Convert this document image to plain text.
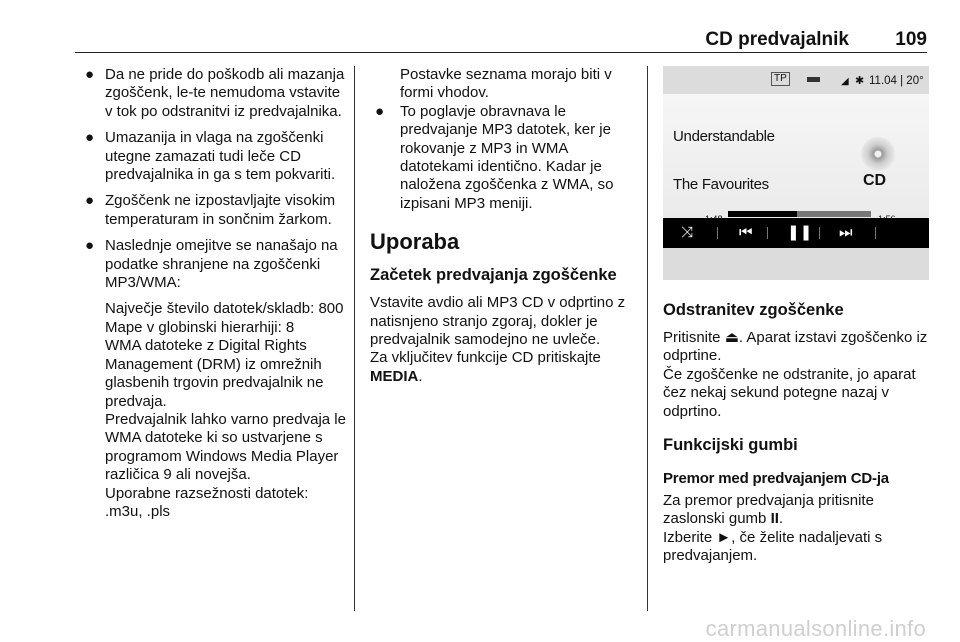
CD predvajalnik 109
● Da ne pride do poškodb ali mazanja zgoščenk, le-te nemudoma vstavite v tok po odstranitvi iz predvajalnika.

● Umazanija in vlaga na zgoščenki utegne zamazati tudi leče CD predvajalnika in ga s tem pokvariti.

● Zgoščenk ne izpostavljajte visokim temperaturam in sončnim žarkom.

● Naslednje omejitve se nanašajo na podatke shranjene na zgoščenki MP3/WMA:

Največje število datotek/skladb: 800

Mape v globinski hierarhiji: 8

WMA datoteke z Digital Rights Management (DRM) iz omrežnih glasbenih trgovin predvajalnik ne predvaja.

Predvajalnik lahko varno predvaja le WMA datoteke ki so ustvarjene s programom Windows Media Player različica 9 ali novejša.

Uporabne razsežnosti datotek: .m3u, .pls

Postavke seznama morajo biti v formi vhodov.

● To poglavje obravnava le predvajanje MP3 datotek, ker je rokovanje z MP3 in WMA datotekami identično. Kadar je naložena zgoščenka z WMA, so izpisani MP3 meniji.

Uporaba
Začetek predvajanja zgoščenke

Vstavite avdio ali MP3 CD v odprtino z natisnjeno stranjo zgoraj, dokler je predvajalnik samodejno ne uvleče.

Za vključitev funkcije CD pritiskajte MEDIA.

TP	◢ ✱ 11.04 | 20°
Understandable
The Favourites	CD
⤨	⏮ ❚❚ ⏭
Odstranitev zgoščenke

Pritisnite ⏏. Aparat izstavi zgoščenko iz odprtine.

Če zgoščenke ne odstranite, jo aparat čez nekaj sekund potegne nazaj v odprtino.

Funkcijski gumbi
Premor med predvajanjem CD-ja

Za premor predvajanja pritisnite zaslonski gumb II.

Izberite ►, če želite nadaljevati s predvajanjem.

carmanualsonline.info
